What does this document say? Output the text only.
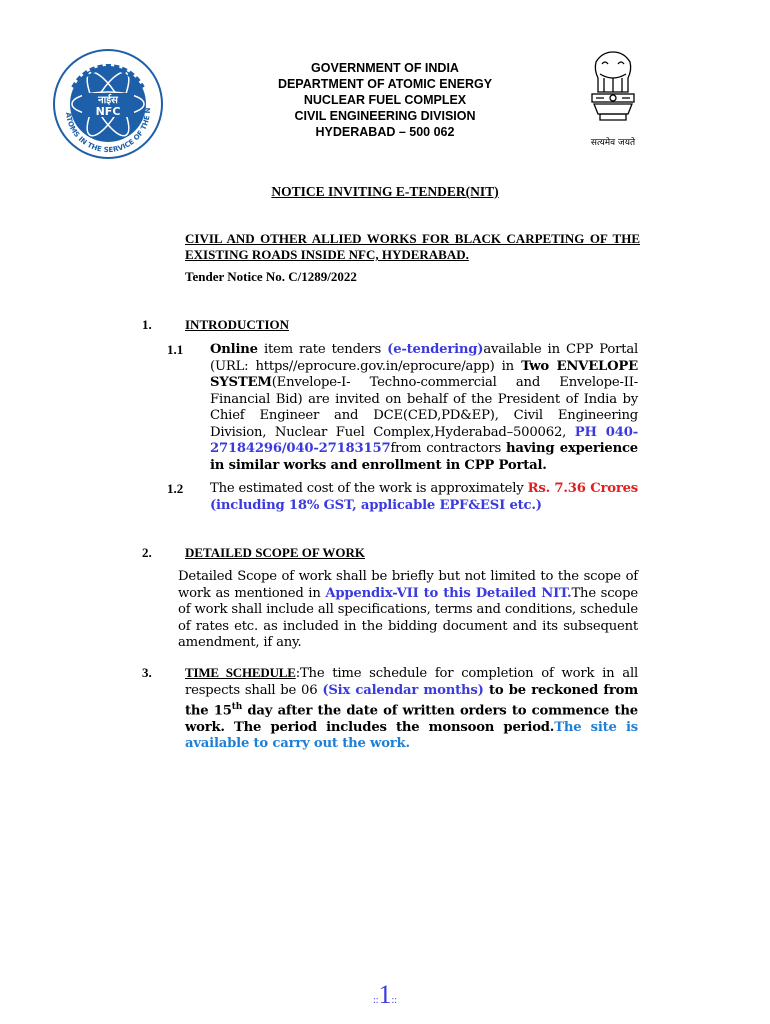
नाईस
NFC
ATOMS IN THE SERVICE OF THE N
GOVERNMENT OF INDIA
DEPARTMENT OF ATOMIC ENERGY
NUCLEAR FUEL COMPLEX
CIVIL ENGINEERING DIVISION
HYDERABAD – 500 062
सत्यमेव जयते
NOTICE INVITING E-TENDER(NIT)
CIVIL AND OTHER ALLIED WORKS FOR BLACK CARPETING OF THE EXISTING ROADS INSIDE NFC, HYDERABAD.
Tender Notice No. C/1289/2022
1.	INTRODUCTION
1.1 Online item rate tenders (e-tendering)available in CPP Portal (URL: https//eprocure.gov.in/eprocure/app) in Two ENVELOPE SYSTEM(Envelope-I- Techno-commercial and Envelope-II-Financial Bid) are invited on behalf of the President of India by Chief Engineer and DCE(CED,PD&EP), Civil Engineering Division, Nuclear Fuel Complex,Hyderabad–500062, PH 040-27184296/040-27183157from contractors having experience in similar works and enrollment in CPP Portal.
1.2 The estimated cost of the work is approximately Rs. 7.36 Crores (including 18% GST, applicable EPF&ESI etc.)
2.	DETAILED SCOPE OF WORK
Detailed Scope of work shall be briefly but not limited to the scope of work as mentioned in Appendix-VII to this Detailed NIT.The scope of work shall include all specifications, terms and conditions, schedule of rates etc. as included in the bidding document and its subsequent amendment, if any.
3.	TIME SCHEDULE:The time schedule for completion of work in all respects shall be 06 (Six calendar months) to be reckoned from the 15th day after the date of written orders to commence the work. The period includes the monsoon period.The site is available to carry out the work.
::1::
